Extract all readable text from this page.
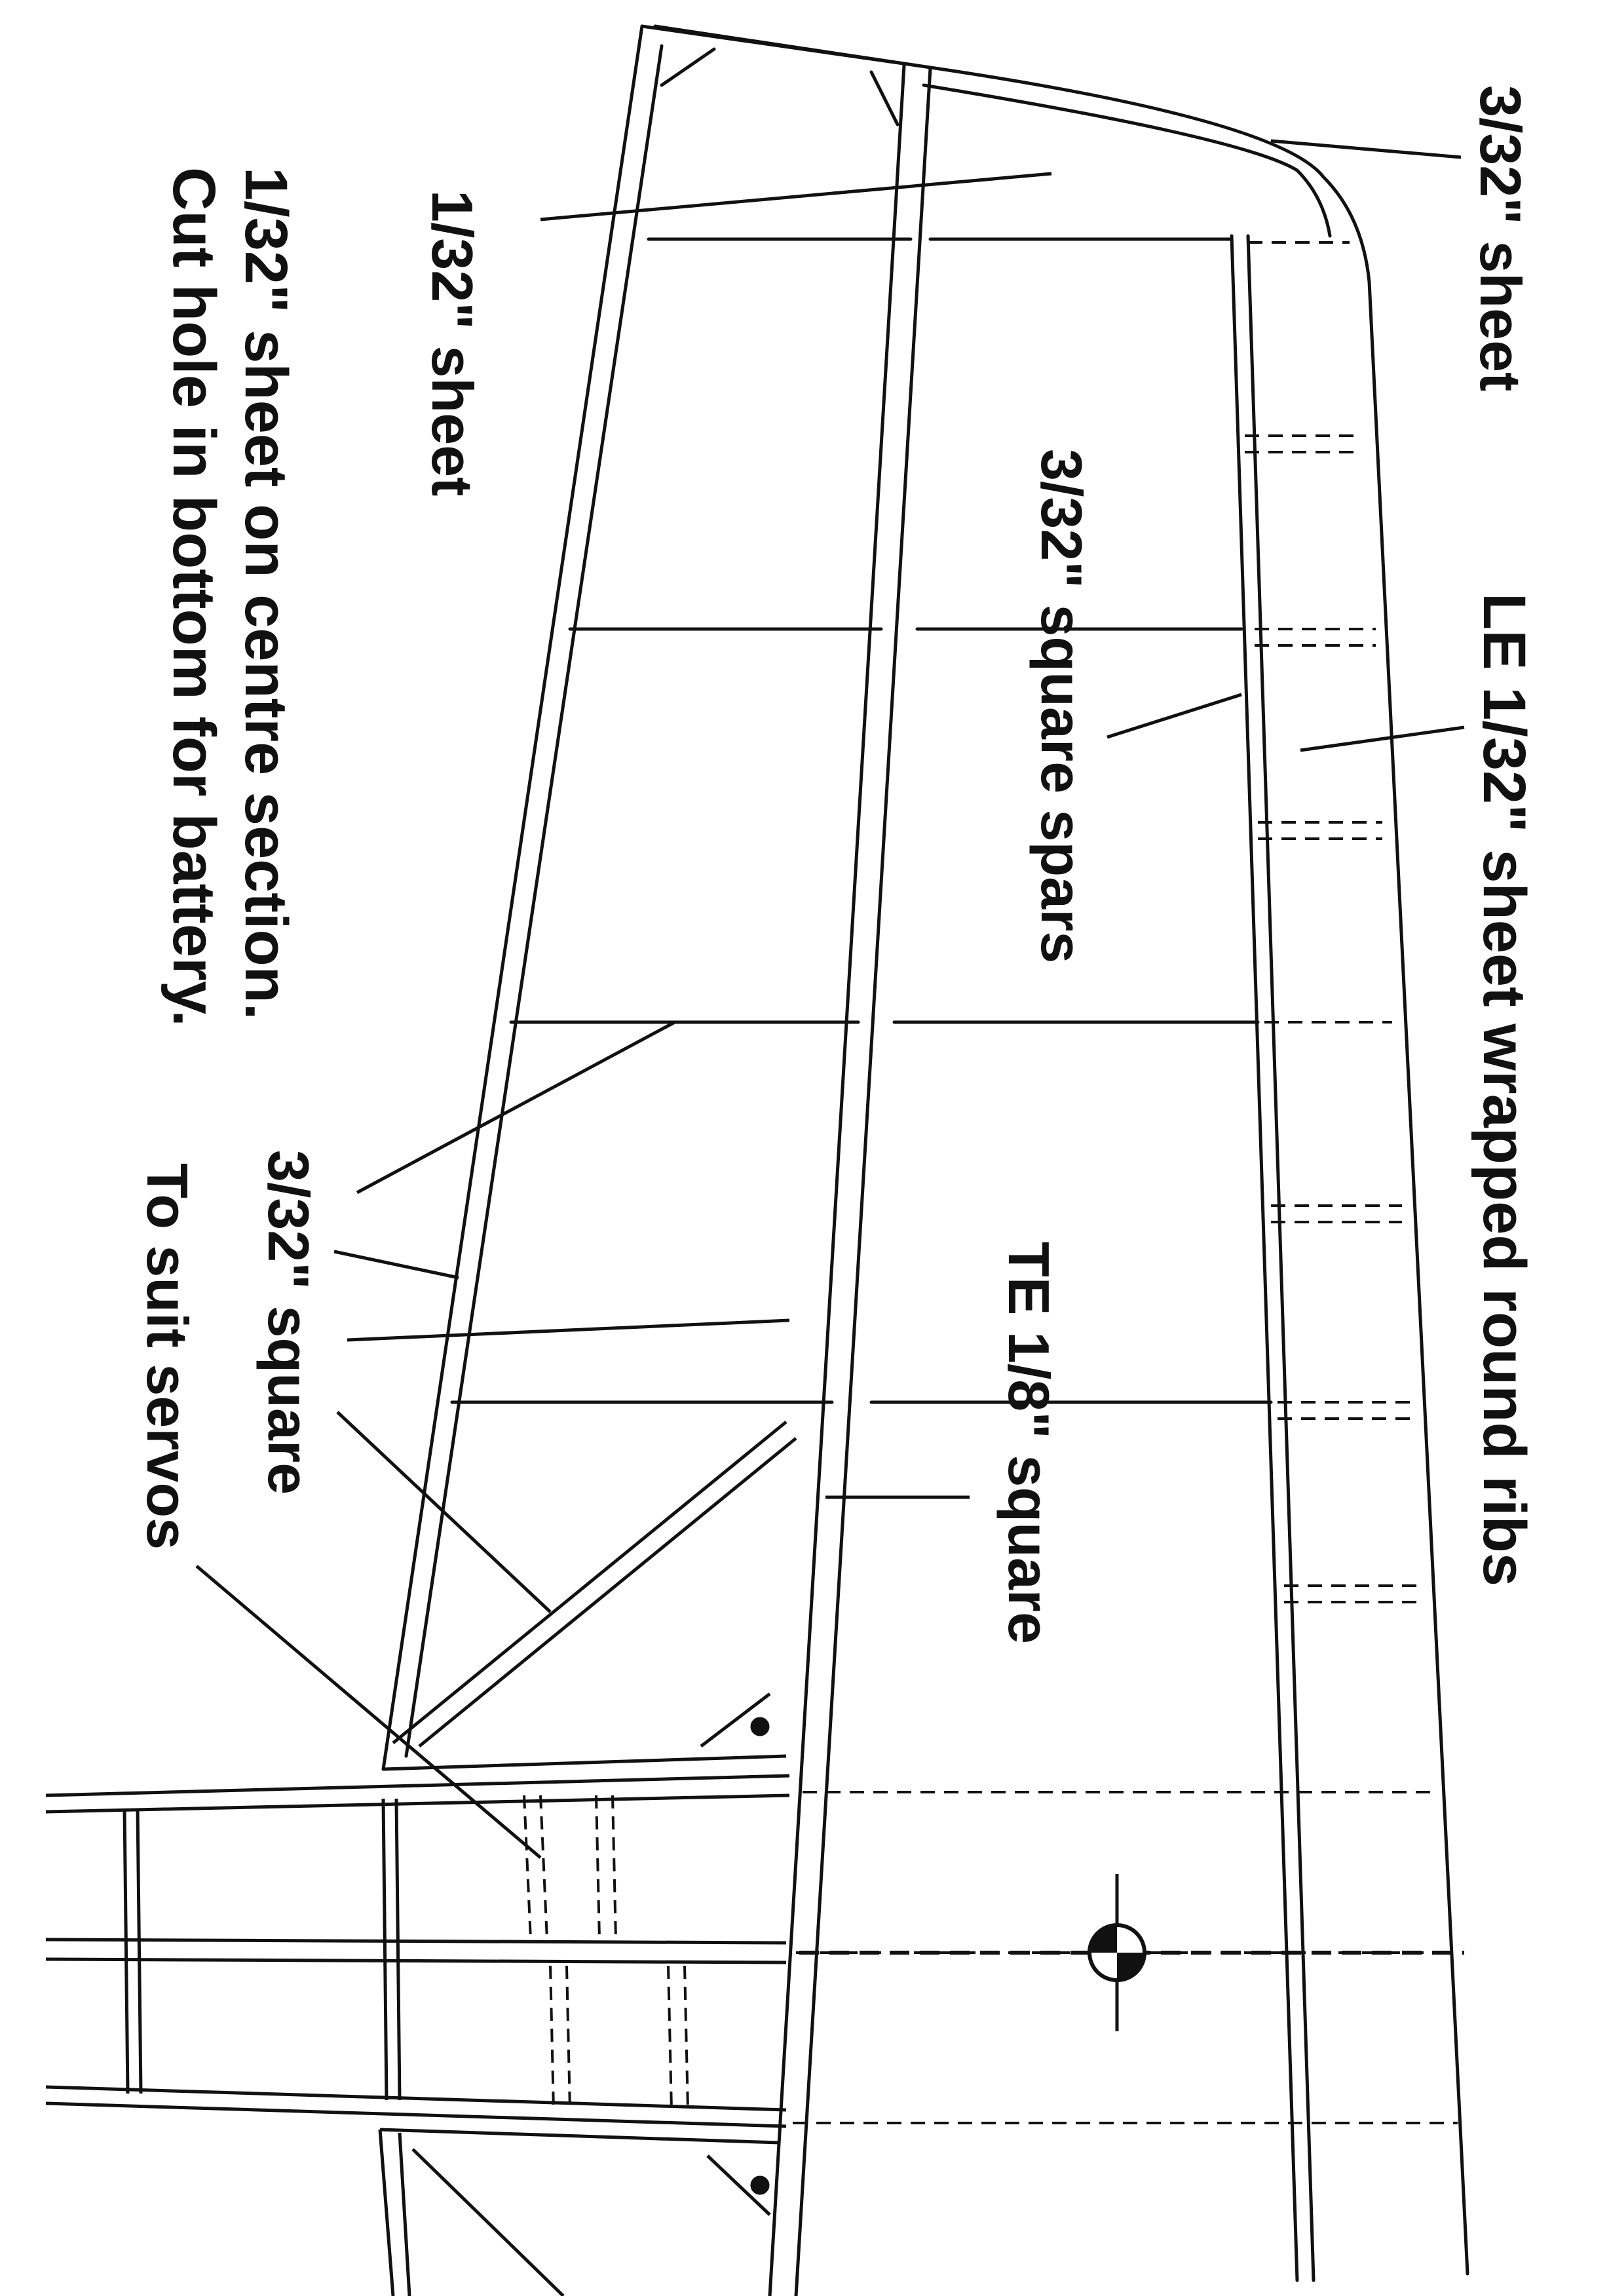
3/32" sheet
LE 1/32" sheet wrapped round ribs
3/32" square spars
1/32" sheet
1/32" sheet on centre section.
Cut hole in bottom for battery.
TE 1/8" square
3/32" square
To suit servos
